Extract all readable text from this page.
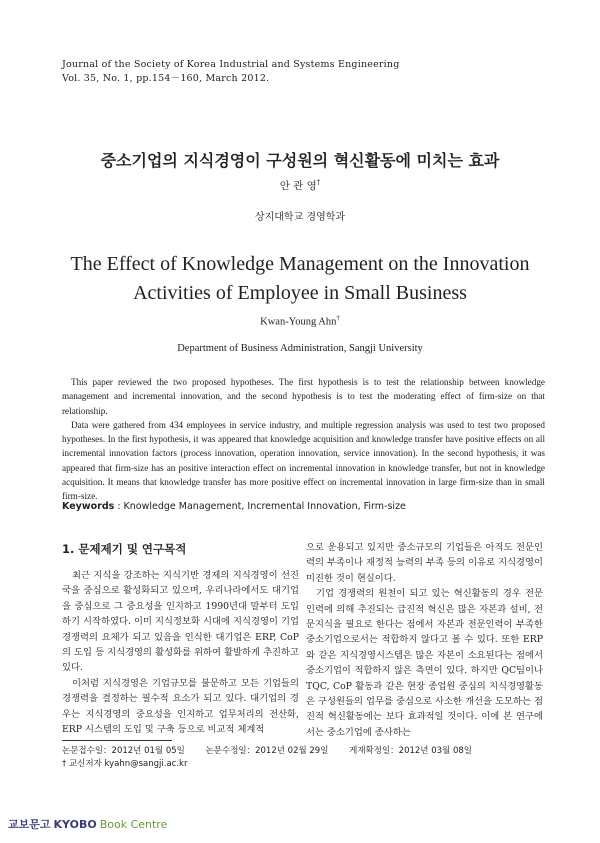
Journal of the Society of Korea Industrial and Systems Engineering
Vol. 35, No. 1, pp.154－160, March 2012.
중소기업의 지식경영이 구성원의 혁신활동에 미치는 효과
안 관 영†
상지대학교 경영학과
The Effect of Knowledge Management on the Innovation
Activities of Employee in Small Business
Kwan-Young Ahn†
Department of Business Administration, Sangji University

This paper reviewed the two proposed hypotheses. The first hypothesis is to test the relationship between knowledge management and incremental innovation, and the second hypothesis is to test the moderating effect of firm-size on that relationship.

Data were gathered from 434 employees in service industry, and multiple regression analysis was used to test two proposed hypotheses. In the first hypothesis, it was appeared that knowledge acquisition and knowledge transfer have positive effects on all incremental innovation factors (process innovation, operation innovation, service innovation). In the second hypothesis, it was appeared that firm-size has an positive interaction effect on incremental innovation in knowledge transfer, but not in knowledge acquisition. It means that knowledge transfer has more positive effect on incremental innovation in large firm-size than in small firm-size.

Keywords : Knowledge Management, Incremental Innovation, Firm-size
1. 문제제기 및 연구목적

최근 지식을 강조하는 지식기반 경제의 지식경영이 선진국을 중심으로 활성화되고 있으며, 우리나라에서도 대기업을 중심으로 그 중요성을 인지하고 1990년대 말부터 도입하기 시작하였다. 이미 지식정보화 시대에 지식경영이 기업 경쟁력의 요체가 되고 있음을 인식한 대기업은 ERP, CoP의 도입 등 지식경영의 활성화를 위하여 활발하게 추진하고 있다.

이처럼 지식경영은 기업규모를 불문하고 모든 기업들의 경쟁력을 결정하는 필수적 요소가 되고 있다. 대기업의 경우는 지식경영의 중요성을 인지하고 업무처리의 전산화, ERP 시스템의 도입 및 구축 등으로 비교적 체계적

으로 운용되고 있지만 중소규모의 기업들은 아직도 전문인력의 부족이나 재정적 능력의 부족 등의 이유로 지식경영이 미진한 것이 현실이다.

기업 경쟁력의 원천이 되고 있는 혁신활동의 경우 전문인력에 의해 추진되는 급진적 혁신은 많은 자본과 설비, 전문지식을 필요로 한다는 점에서 자본과 전문인력이 부족한 중소기업으로서는 적합하지 않다고 볼 수 있다. 또한 ERP와 같은 지식경영시스템은 많은 자본이 소요된다는 점에서 중소기업이 적합하지 않은 측면이 있다. 하지만 QC팀이나 TQC, CoP 활동과 같은 현장 종업원 중심의 지식경영활동은 구성원들의 업무를 중심으로 사소한 개선을 도모하는 점진적 혁신활동에는 보다 효과적일 것이다. 이에 본 연구에서는 중소기업에 종사하는

논문접수일：2012년 01월 05일 논문수정일：2012년 02월 29일 게재확정일：2012년 03월 08일
† 교신저자 kyahn@sangji.ac.kr
교보문고 KYOBO Book Centre
